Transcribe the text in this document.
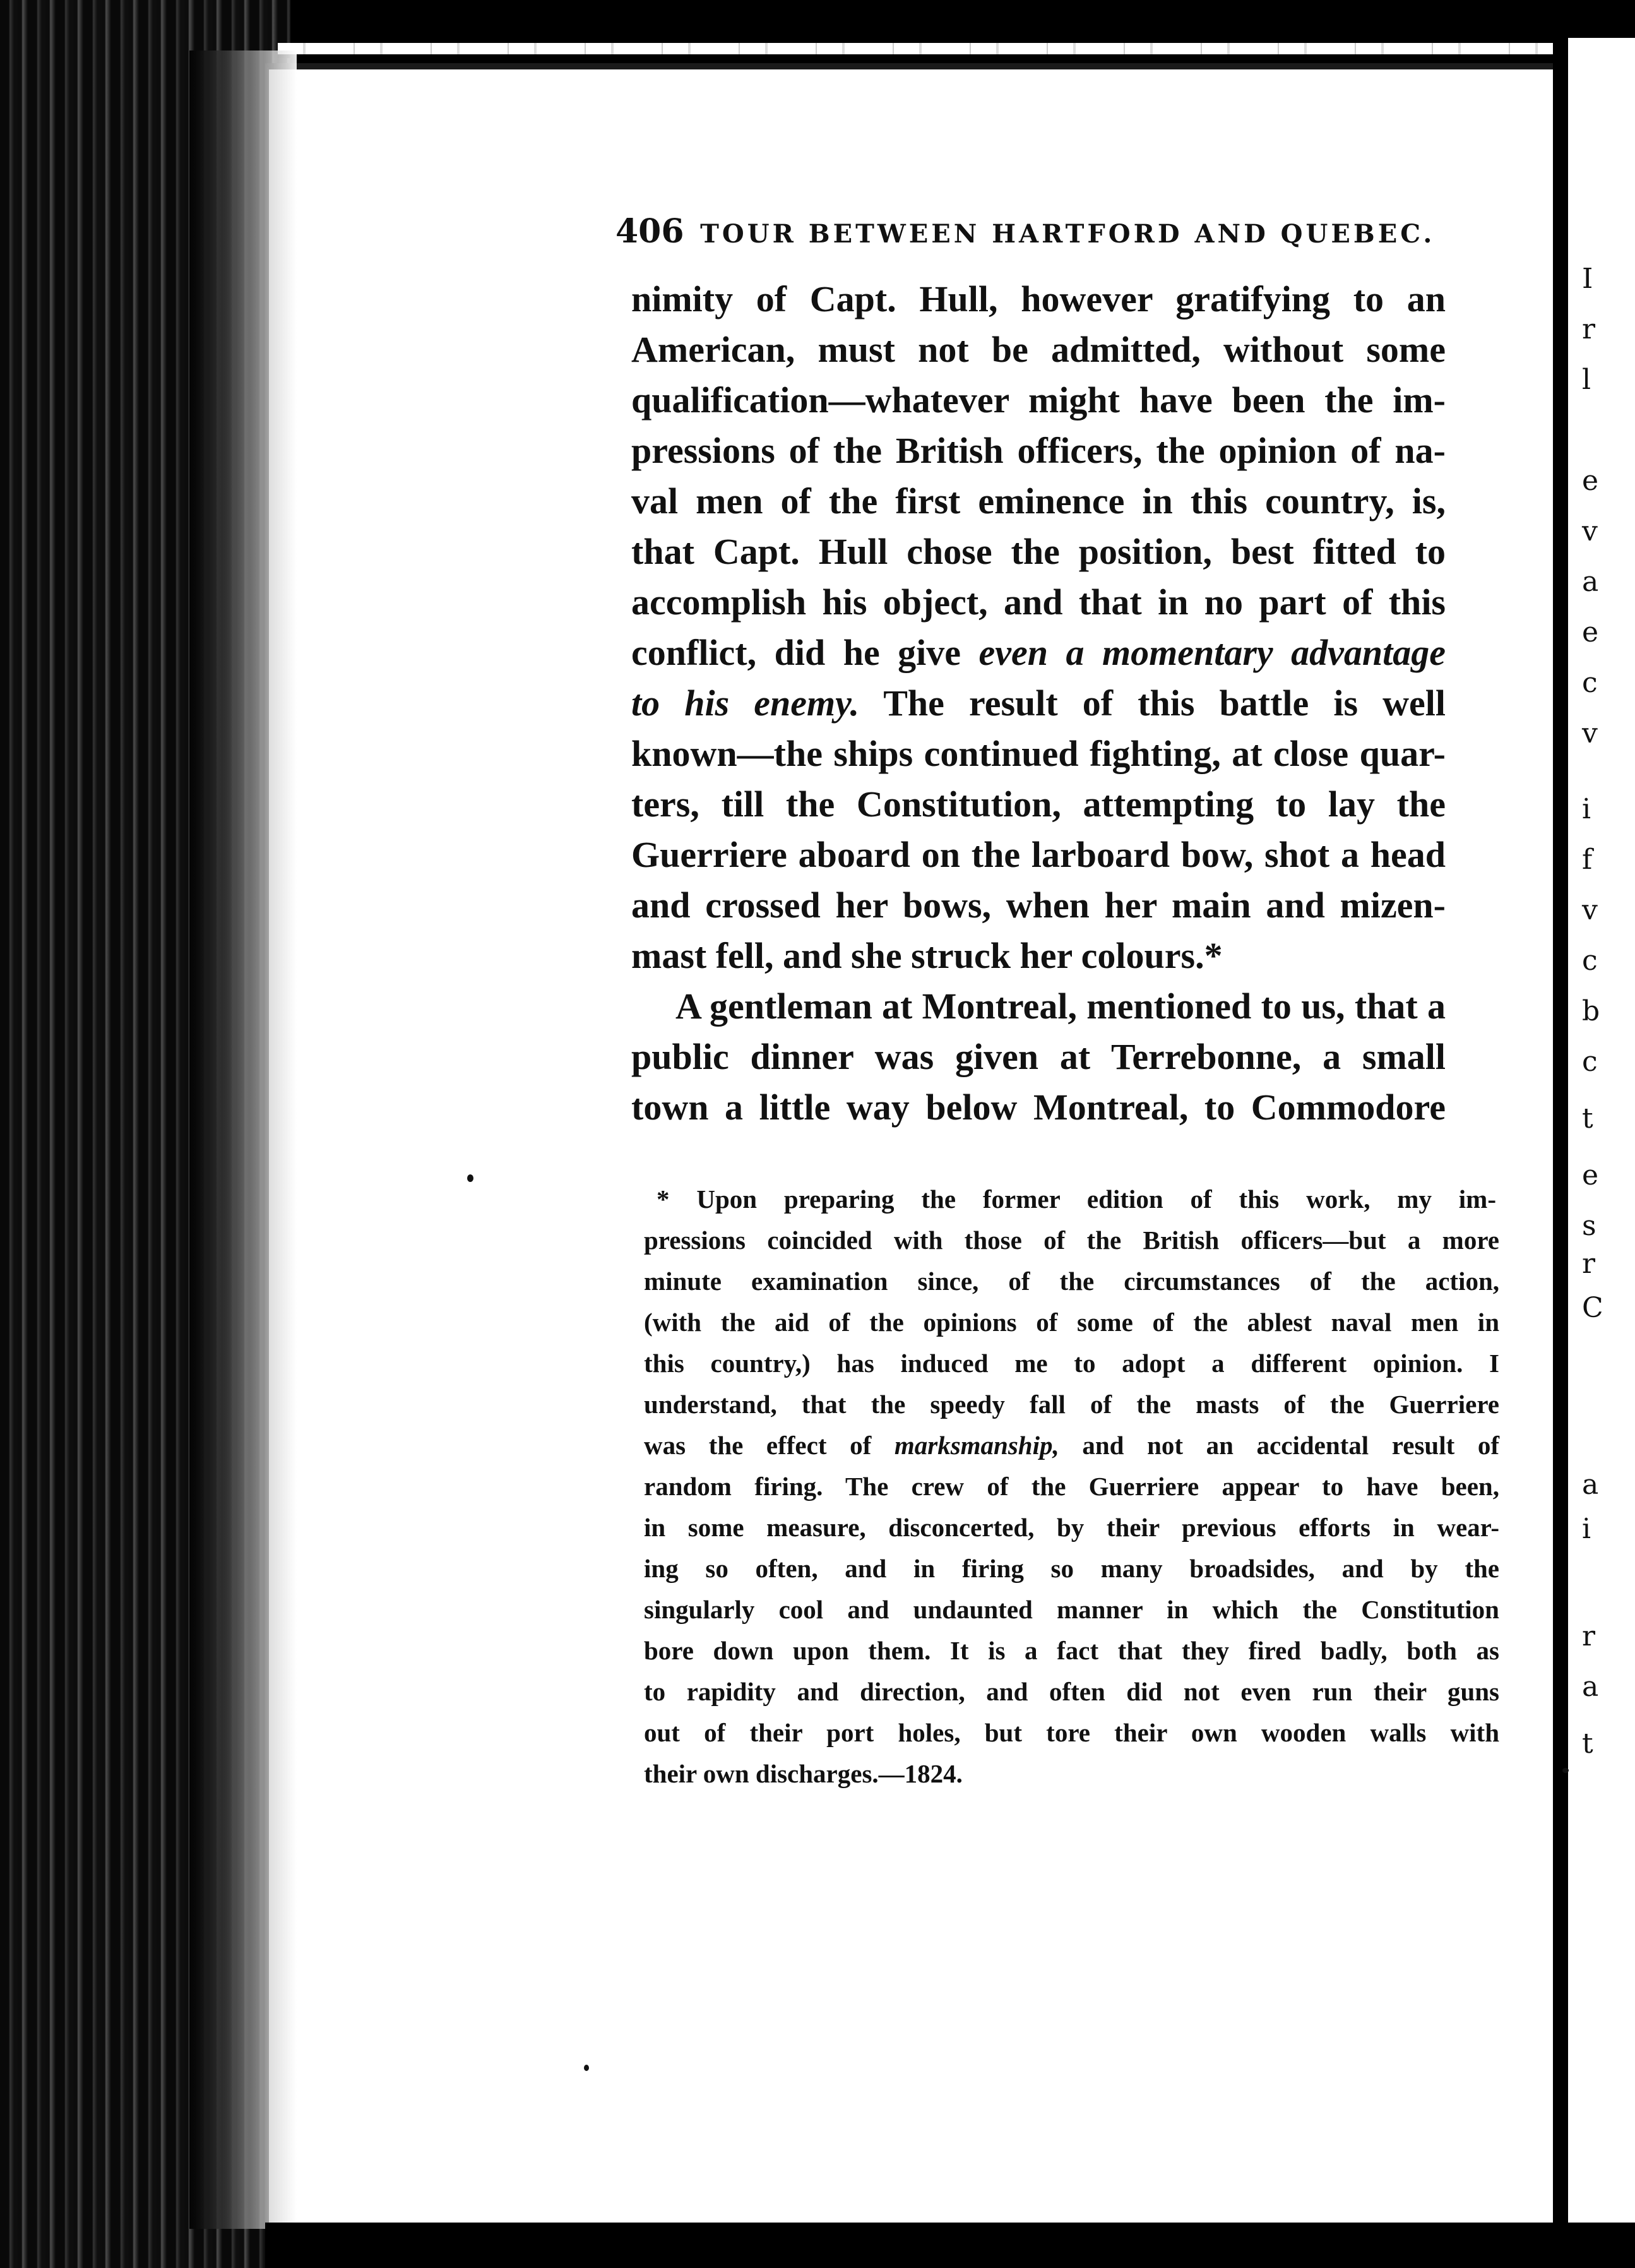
I
r
l
e
v
a
e
c
v
i
f
v
c
b
c
t
e
s
r
C
a
i
r
a
t
406 TOUR BETWEEN HARTFORD AND QUEBEC.
nimity of Capt. Hull, however gratifying to an
American, must not be admitted, without some
qualification—whatever might have been the im-
pressions of the British officers, the opinion of na-
val men of the first eminence in this country, is,
that Capt. Hull chose the position, best fitted to
accomplish his object, and that in no part of this
conflict, did he give even a momentary advantage
to his enemy. The result of this battle is well
known—the ships continued fighting, at close quar-
ters, till the Constitution, attempting to lay the
Guerriere aboard on the larboard bow, shot a head
and crossed her bows, when her main and mizen-
mast fell, and she struck her colours.*
A gentleman at Montreal, mentioned to us, that a
public dinner was given at Terrebonne, a small
town a little way below Montreal, to Commodore
* Upon preparing the former edition of this work, my im-
pressions coincided with those of the British officers—but a more
minute examination since, of the circumstances of the action,
(with the aid of the opinions of some of the ablest naval men in
this country,) has induced me to adopt a different opinion. I
understand, that the speedy fall of the masts of the Guerriere
was the effect of marksmanship, and not an accidental result of
random firing. The crew of the Guerriere appear to have been,
in some measure, disconcerted, by their previous efforts in wear-
ing so often, and in firing so many broadsides, and by the
singularly cool and undaunted manner in which the Constitution
bore down upon them. It is a fact that they fired badly, both as
to rapidity and direction, and often did not even run their guns
out of their port holes, but tore their own wooden walls with
their own discharges.—1824.
